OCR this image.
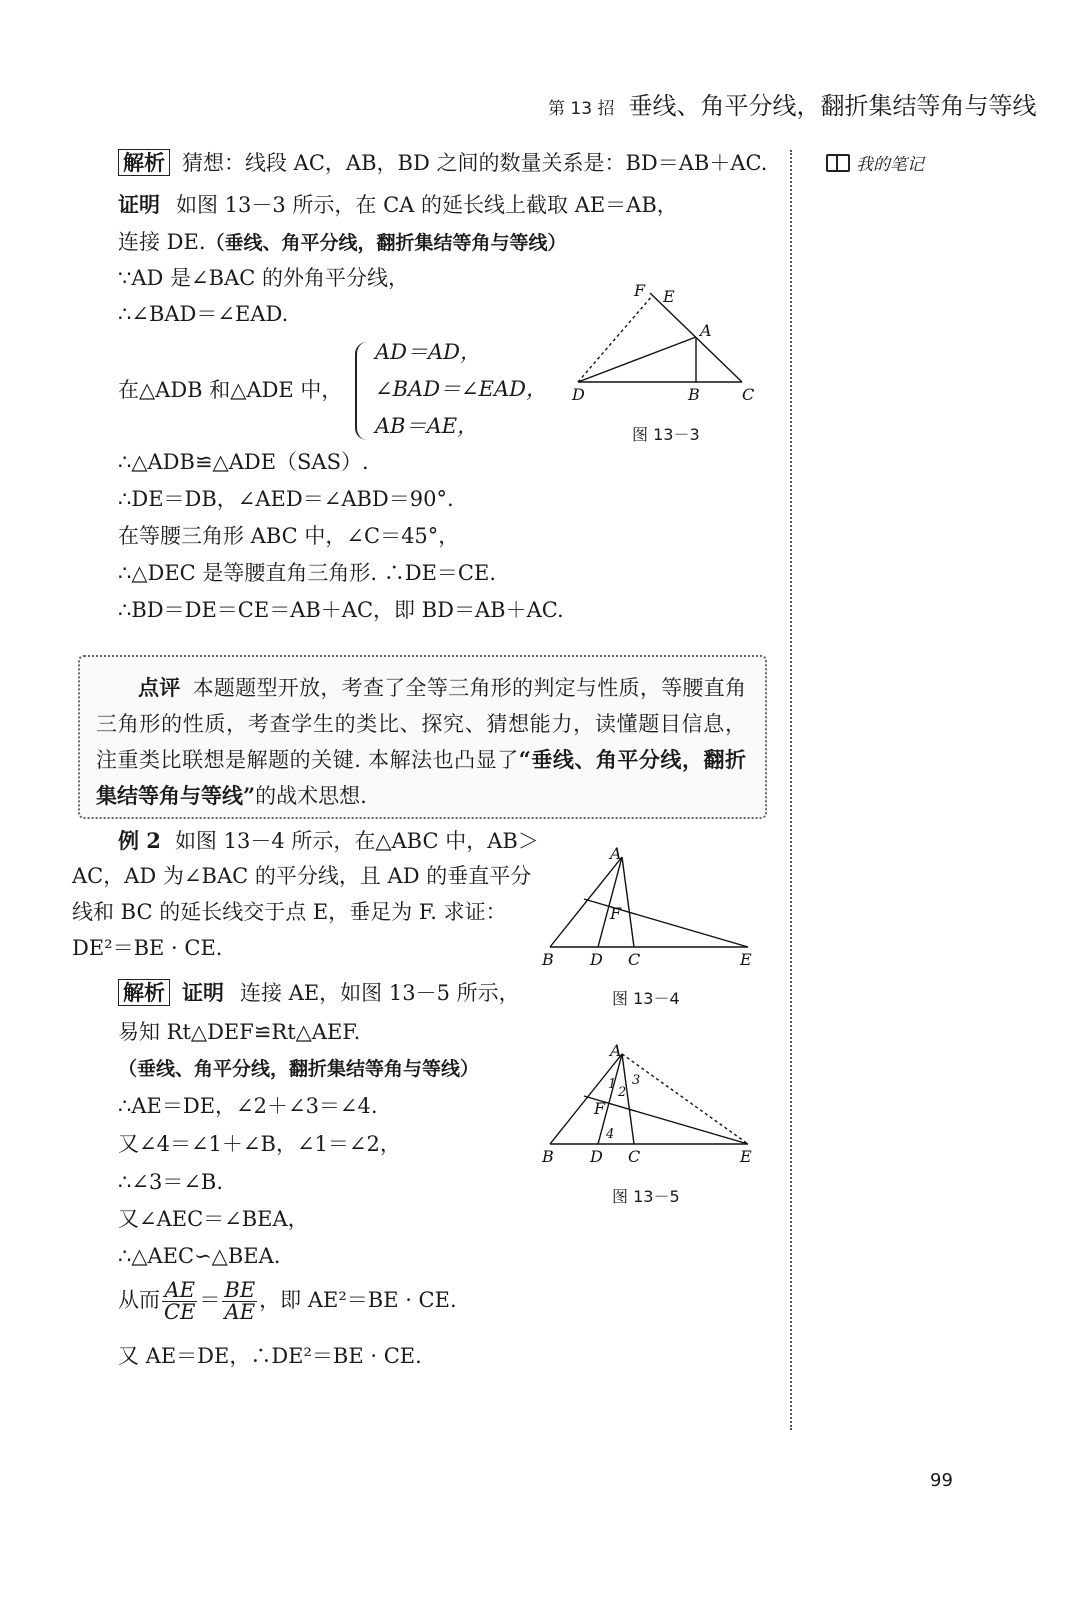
第 13 招 垂线、角平分线，翻折集结等角与等线
我的笔记
解析 猜想：线段 AC，AB，BD 之间的数量关系是：BD＝AB＋AC.
证明 如图 13－3 所示，在 CA 的延长线上截取 AE＝AB，
连接 DE.（垂线、角平分线，翻折集结等角与等线）
∵AD 是∠BAC 的外角平分线，
∴∠BAD＝∠EAD.
在△ADB 和△ADE 中，
AD＝AD，
∠BAD＝∠EAD，
AB＝AE，
∴△ADB≌△ADE（SAS）.
∴DE＝DB，∠AED＝∠ABD＝90°.
在等腰三角形 ABC 中，∠C＝45°，
∴△DEC 是等腰直角三角形. ∴DE＝CE.
∴BD＝DE＝CE＝AB＋AC，即 BD＝AB＋AC.
F E
A
D	B	C
图 13－3
点评 本题题型开放，考查了全等三角形的判定与性质，等腰直角三角形的性质，考查学生的类比、探究、猜想能力，读懂题目信息，注重类比联想是解题的关键. 本解法也凸显了“垂线、角平分线，翻折集结等角与等线”的战术思想.
例 2 如图 13－4 所示，在△ABC 中，AB＞
AC，AD 为∠BAC 的平分线，且 AD 的垂直平分
线和 BC 的延长线交于点 E，垂足为 F. 求证：
DE²＝BE · CE.
A
F
B D C	E
图 13－4
解析 证明 连接 AE，如图 13－5 所示，
易知 Rt△DEF≌Rt△AEF.
（垂线、角平分线，翻折集结等角与等线）
∴AE＝DE，∠2＋∠3＝∠4.
又∠4＝∠1＋∠B，∠1＝∠2，
∴∠3＝∠B.
又∠AEC＝∠BEA，
∴△AEC∽△BEA.
从而 $\frac{AE}{CE} = \frac{BE}{AE}$ ，即 AE²＝BE · CE.
又 AE＝DE，∴DE²＝BE · CE.
A
1
2
3
F
4
B D C	E
图 13－5
99
